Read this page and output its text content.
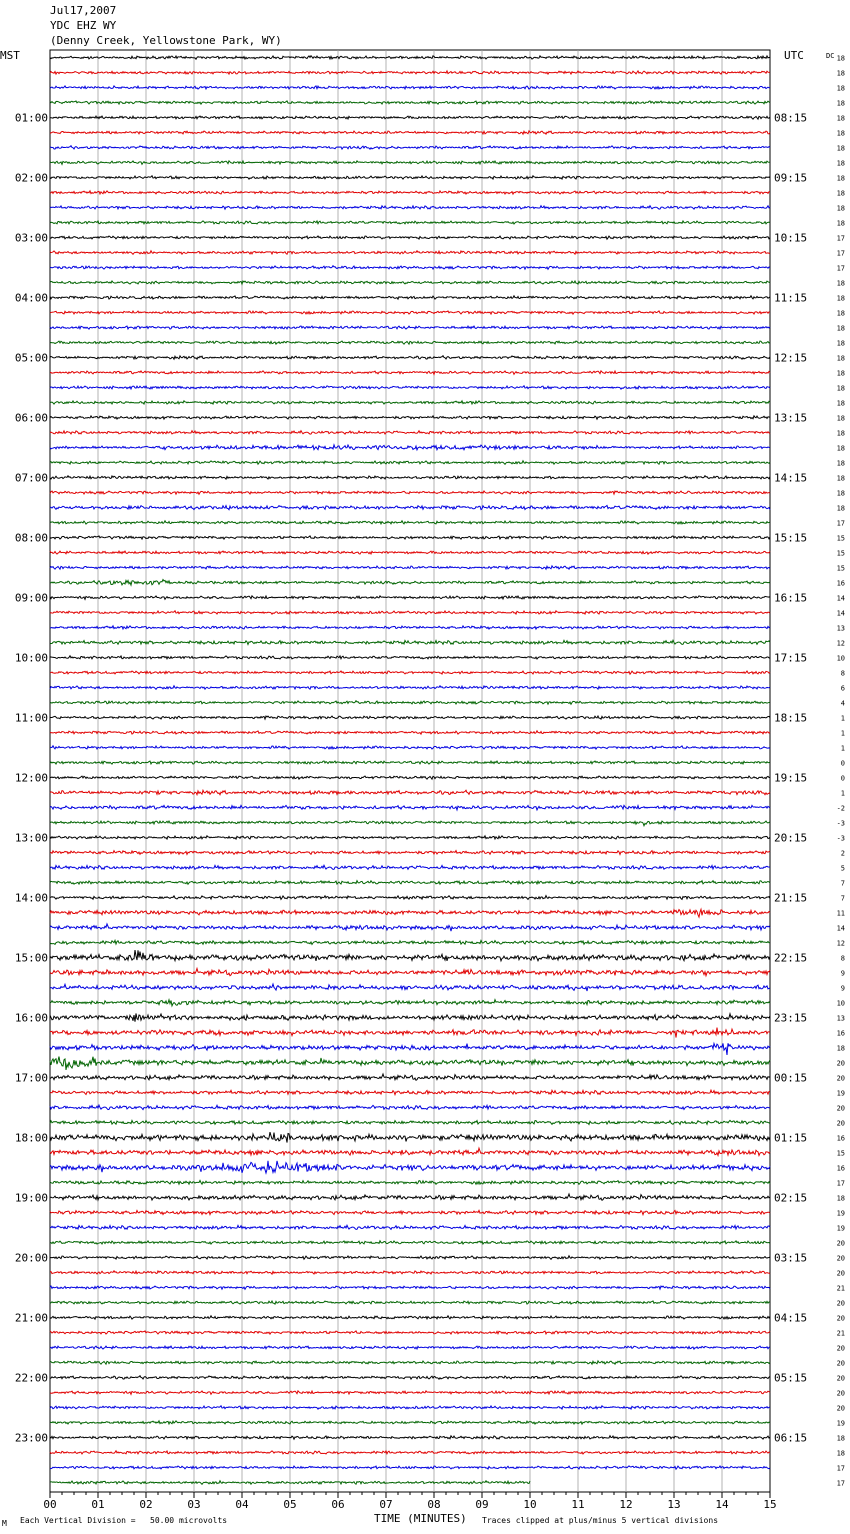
Jul17,2007
YDC EHZ WY
(Denny Creek, Yellowstone Park, WY)
MST	UTC	DC
00	01	02	03	04	05	06	07	08	09	10	11	12	13	14	15
18
18
18
18
18
18
18
18
18
18
18
18
17
17
17
18
18
18
18
18
18
18
18
18
18
18
18
18
18
18
18
17
15
15
15
16
14
14
13
12
10
8
6
4
1
1
1
0
0
1
-2
-3
-3
2
5
7
7
11
14
12
8
9
9
10
13
16
18
20
20
19
20
20
16
15
16
17
18
19
19
20
20
20
21
20
20
21
20
20
20
20
20
19
18
18
17
17
01:00
02:00
03:00
04:00
05:00
06:00
07:00
08:00
09:00
10:00
11:00
12:00
13:00
14:00
15:00
16:00
17:00
18:00
19:00
20:00
21:00
22:00
23:00
08:15
09:15
10:15
11:15
12:15
13:15
14:15
15:15
16:15
17:15
18:15
19:15
20:15
21:15
22:15
23:15
00:15
01:15
02:15
03:15
04:15
05:15
06:15
TIME (MINUTES)
M Each Vertical Division =   50.00 microvolts	Traces clipped at plus/minus 5 vertical divisions
